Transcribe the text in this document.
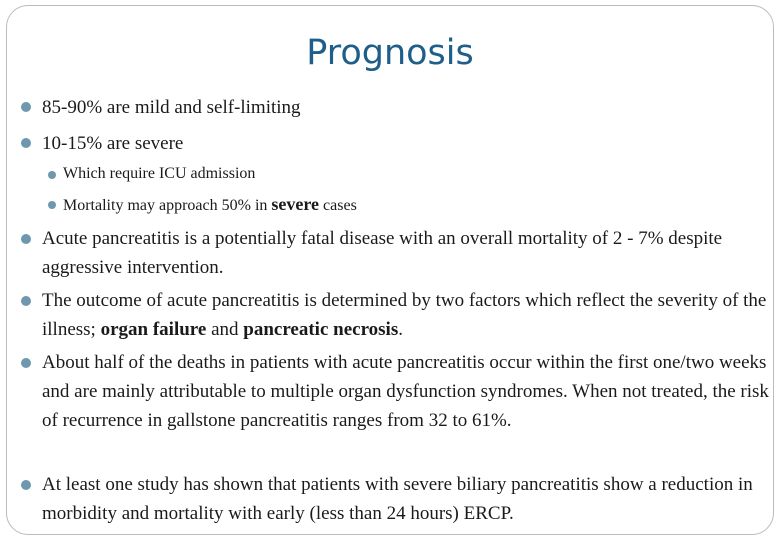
Prognosis
85-90% are mild and self-limiting
10-15% are severe
Which require ICU admission
Mortality may approach 50% in severe cases
Acute pancreatitis is a potentially fatal disease with an overall mortality of 2 - 7% despite aggressive intervention.
The outcome of acute pancreatitis is determined by two factors which reflect the severity of the illness; organ failure and pancreatic necrosis.
About half of the deaths in patients with acute pancreatitis occur within the first one/two weeks and are mainly attributable to multiple organ dysfunction syndromes. When not treated, the risk of recurrence in gallstone pancreatitis ranges from 32 to 61%.
At least one study has shown that patients with severe biliary pancreatitis show a reduction in morbidity and mortality with early (less than 24 hours) ERCP.
